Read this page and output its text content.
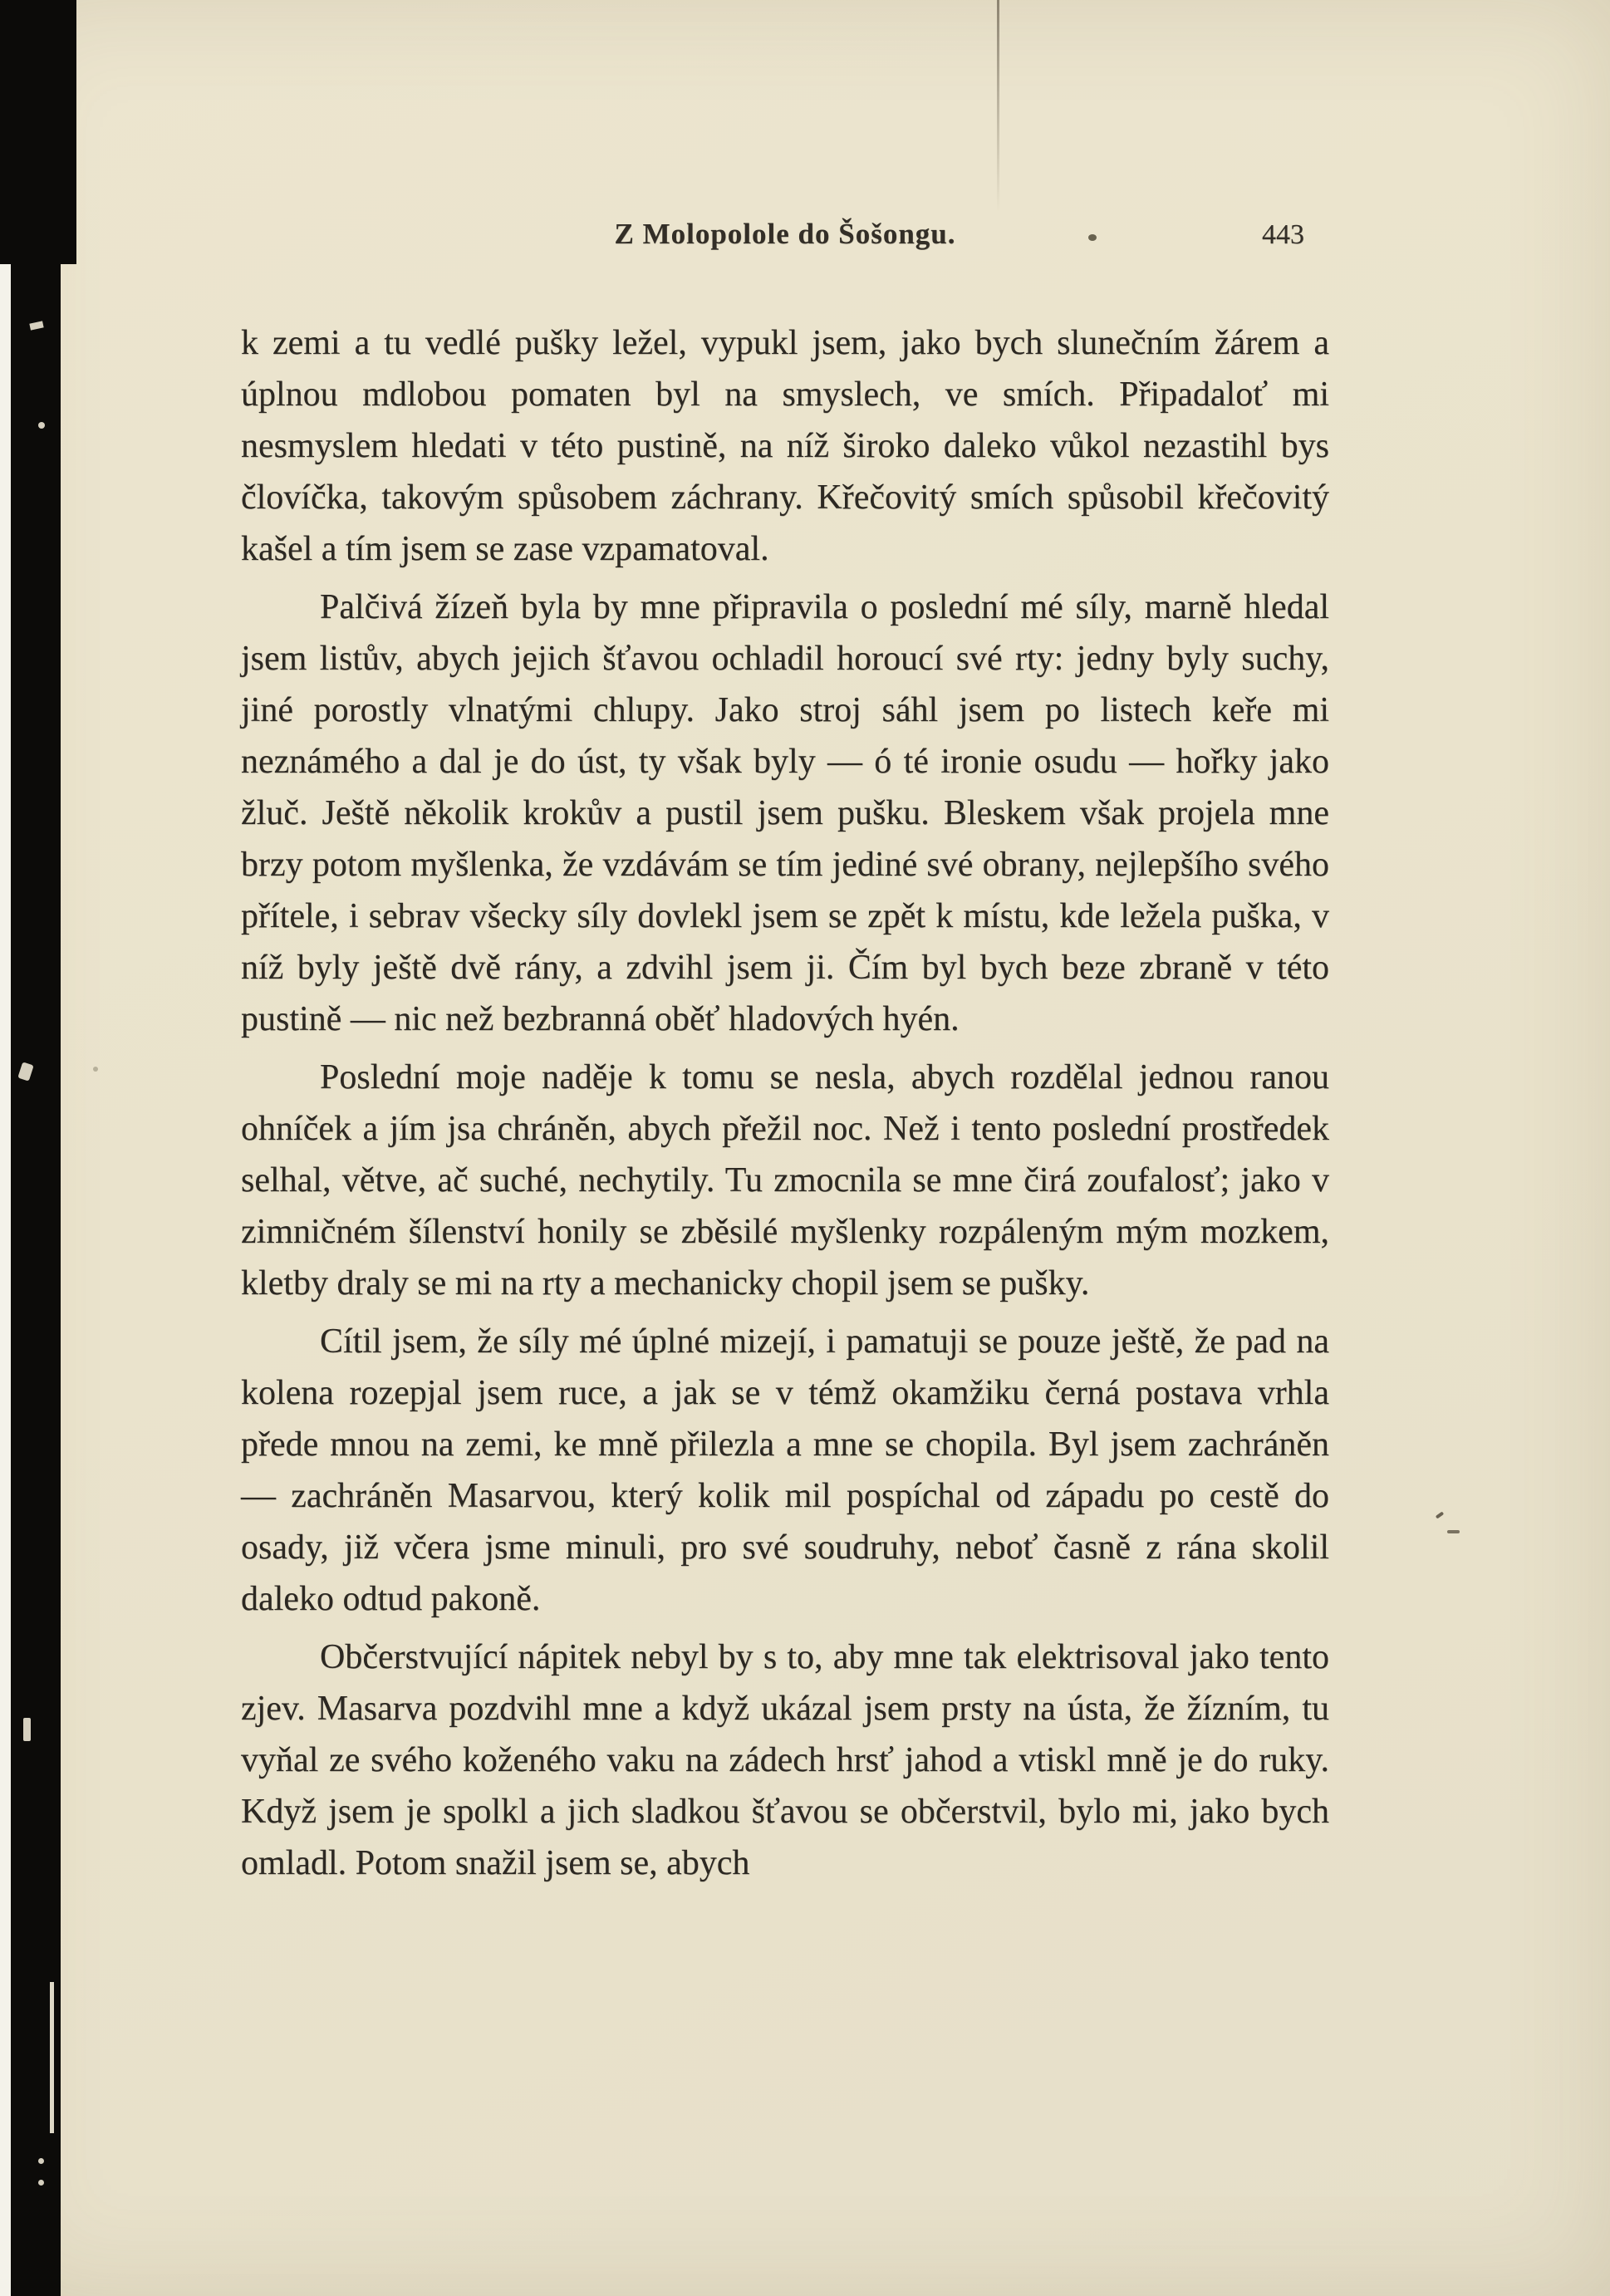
Z Molopolole do Šošongu.	443

k zemi a tu vedlé pušky ležel, vypukl jsem, jako bych slunečním žárem a úplnou mdlobou pomaten byl na smyslech, ve smích. Připadaloť mi nesmyslem hledati v této pustině, na níž široko daleko vůkol nezastihl bys človíčka, takovým spůsobem záchrany. Křečovitý smích spůsobil křečovitý kašel a tím jsem se zase vzpamatoval.

Palčivá žízeň byla by mne připravila o poslední mé síly, marně hledal jsem listův, abych jejich šťavou ochladil horoucí své rty: jedny byly suchy, jiné porostly vlnatými chlupy. Jako stroj sáhl jsem po listech keře mi neznámého a dal je do úst, ty však byly — ó té ironie osudu — hořky jako žluč. Ještě několik krokův a pustil jsem pušku. Bleskem však projela mne brzy potom myšlenka, že vzdávám se tím jediné své obrany, nejlepšího svého přítele, i sebrav všecky síly dovlekl jsem se zpět k místu, kde ležela puška, v níž byly ještě dvě rány, a zdvihl jsem ji. Čím byl bych beze zbraně v této pustině — nic než bezbranná oběť hladových hyén.

Poslední moje naděje k tomu se nesla, abych rozdělal jednou ranou ohníček a jím jsa chráněn, abych přežil noc. Než i tento poslední prostředek selhal, větve, ač suché, nechytily. Tu zmocnila se mne čirá zoufalosť; jako v zimničném šílenství honily se zběsilé myšlenky rozpáleným mým mozkem, kletby draly se mi na rty a mechanicky chopil jsem se pušky.

Cítil jsem, že síly mé úplné mizejí, i pamatuji se pouze ještě, že pad na kolena rozepjal jsem ruce, a jak se v témž okamžiku černá postava vrhla přede mnou na zemi, ke mně přilezla a mne se chopila. Byl jsem zachráněn — zachráněn Masarvou, který kolik mil pospíchal od západu po cestě do osady, již včera jsme minuli, pro své soudruhy, neboť časně z rána skolil daleko odtud pakoně.

Občerstvující nápitek nebyl by s to, aby mne tak elektrisoval jako tento zjev. Masarva pozdvihl mne a když ukázal jsem prsty na ústa, že žízním, tu vyňal ze svého koženého vaku na zádech hrsť jahod a vtiskl mně je do ruky. Když jsem je spolkl a jich sladkou šťavou se občerstvil, bylo mi, jako bych omladl. Potom snažil jsem se, abych
